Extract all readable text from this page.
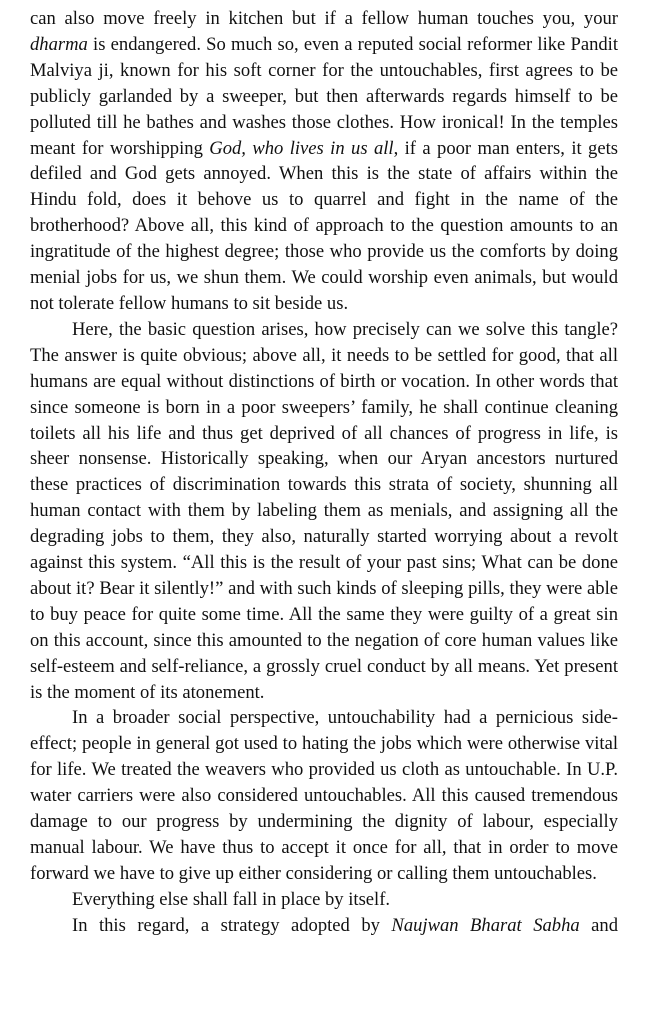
can also move freely in kitchen but if a fellow human touches you, your dharma is endangered. So much so, even a reputed social reformer like Pandit Malviya ji, known for his soft corner for the untouchables, first agrees to be publicly garlanded by a sweeper, but then afterwards regards himself to be polluted till he bathes and washes those clothes. How ironical! In the temples meant for worshipping God, who lives in us all, if a poor man enters, it gets defiled and God gets annoyed. When this is the state of affairs within the Hindu fold, does it behove us to quarrel and fight in the name of the brotherhood? Above all, this kind of approach to the question amounts to an ingratitude of the highest degree; those who provide us the comforts by doing menial jobs for us, we shun them. We could worship even animals, but would not tolerate fellow humans to sit beside us.

Here, the basic question arises, how precisely can we solve this tangle? The answer is quite obvious; above all, it needs to be settled for good, that all humans are equal without distinctions of birth or vocation. In other words that since someone is born in a poor sweepers’ family, he shall continue cleaning toilets all his life and thus get deprived of all chances of progress in life, is sheer nonsense. Historically speaking, when our Aryan ancestors nurtured these practices of discrimination towards this strata of society, shunning all human contact with them by labeling them as menials, and assigning all the degrading jobs to them, they also, naturally started worrying about a revolt against this system. “All this is the result of your past sins; What can be done about it? Bear it silently!” and with such kinds of sleeping pills, they were able to buy peace for quite some time. All the same they were guilty of a great sin on this account, since this amounted to the negation of core human values like self-esteem and self-reliance, a grossly cruel conduct by all means. Yet present is the moment of its atonement.

In a broader social perspective, untouchability had a pernicious side-effect; people in general got used to hating the jobs which were otherwise vital for life. We treated the weavers who provided us cloth as untouchable. In U.P. water carriers were also considered untouchables. All this caused tremendous damage to our progress by undermining the dignity of labour, especially manual labour. We have thus to accept it once for all, that in order to move forward we have to give up either considering or calling them untouchables.

Everything else shall fall in place by itself.

In this regard, a strategy adopted by Naujwan Bharat Sabha and
